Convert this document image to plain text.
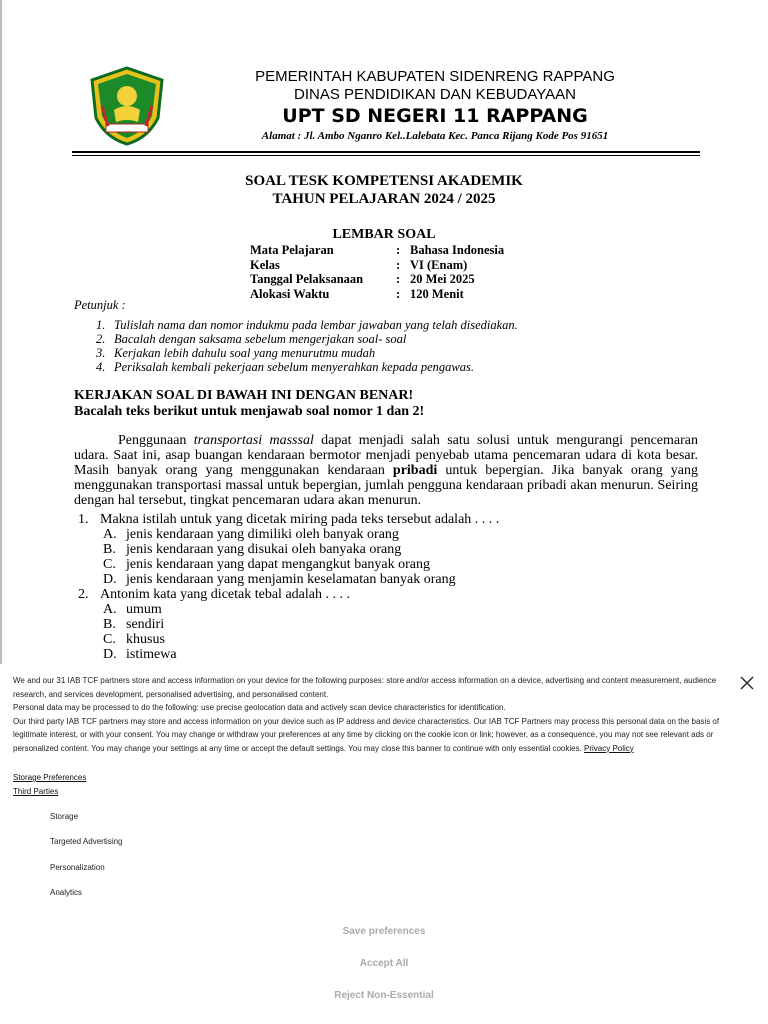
PEMERINTAH KABUPATEN SIDENRENG RAPPANG
DINAS PENDIDIKAN DAN KEBUDAYAAN
UPT SD NEGERI 11 RAPPANG
Alamat : Jl. Ambo Nganro Kel..Lalebata Kec. Panca Rijang Kode Pos 91651
SOAL TESK KOMPETENSI AKADEMIK
TAHUN PELAJARAN 2024 / 2025
LEMBAR SOAL
Mata Pelajaran	: Bahasa Indonesia
Kelas	: VI (Enam)
Tanggal Pelaksanaan	: 20 Mei 2025
Alokasi Waktu	: 120 Menit
Petunjuk :
1. Tulislah nama dan nomor indukmu pada lembar jawaban yang telah disediakan.
2. Bacalah dengan saksama sebelum mengerjakan soal- soal
3. Kerjakan lebih dahulu soal yang menurutmu mudah
4. Periksalah kembali pekerjaan sebelum menyerahkan kepada pengawas.
KERJAKAN SOAL DI BAWAH INI DENGAN BENAR!
Bacalah teks berikut untuk menjawab soal nomor 1 dan 2!

Penggunaan transportasi masssal dapat menjadi salah satu solusi untuk mengurangi pencemaran udara. Saat ini, asap buangan kendaraan bermotor menjadi penyebab utama pencemaran udara di kota besar. Masih banyak orang yang menggunakan kendaraan pribadi untuk bepergian. Jika banyak orang yang menggunakan transportasi massal untuk bepergian, jumlah pengguna kendaraan pribadi akan menurun. Seiring dengan hal tersebut, tingkat pencemaran udara akan menurun.

1. Makna istilah untuk yang dicetak miring pada teks tersebut adalah . . . .
A. jenis kendaraan yang dimiliki oleh banyak orang
B. jenis kendaraan yang disukai oleh banyaka orang
C. jenis kendaraan yang dapat mengangkut banyak orang
D. jenis kendaraan yang menjamin keselamatan banyak orang
2. Antonim kata yang dicetak tebal adalah . . . .
A. umum
B. sendiri
C. khusus
D. istimewa
We and our 31 IAB TCF partners store and access information on your device for the following purposes: store and/or access information on a device, advertising and content measurement, audience research, and services development, personalised advertising, and personalised content.
Personal data may be processed to do the following: use precise geolocation data and actively scan device characteristics for identification.
Our third party IAB TCF partners may store and access information on your device such as IP address and device characteristics. Our IAB TCF Partners may process this personal data on the basis of legitimate interest, or with your consent. You may change or withdraw your preferences at any time by clicking on the cookie icon or link; however, as a consequence, you may not see relevant ads or personalized content. You may change your settings at any time or accept the default settings. You may close this banner to continue with only essential cookies. Privacy Policy
Storage Preferences
Third Parties
Storage
Targeted Advertising
Personalization
Analytics
Save preferences
Accept All
Reject Non-Essential
